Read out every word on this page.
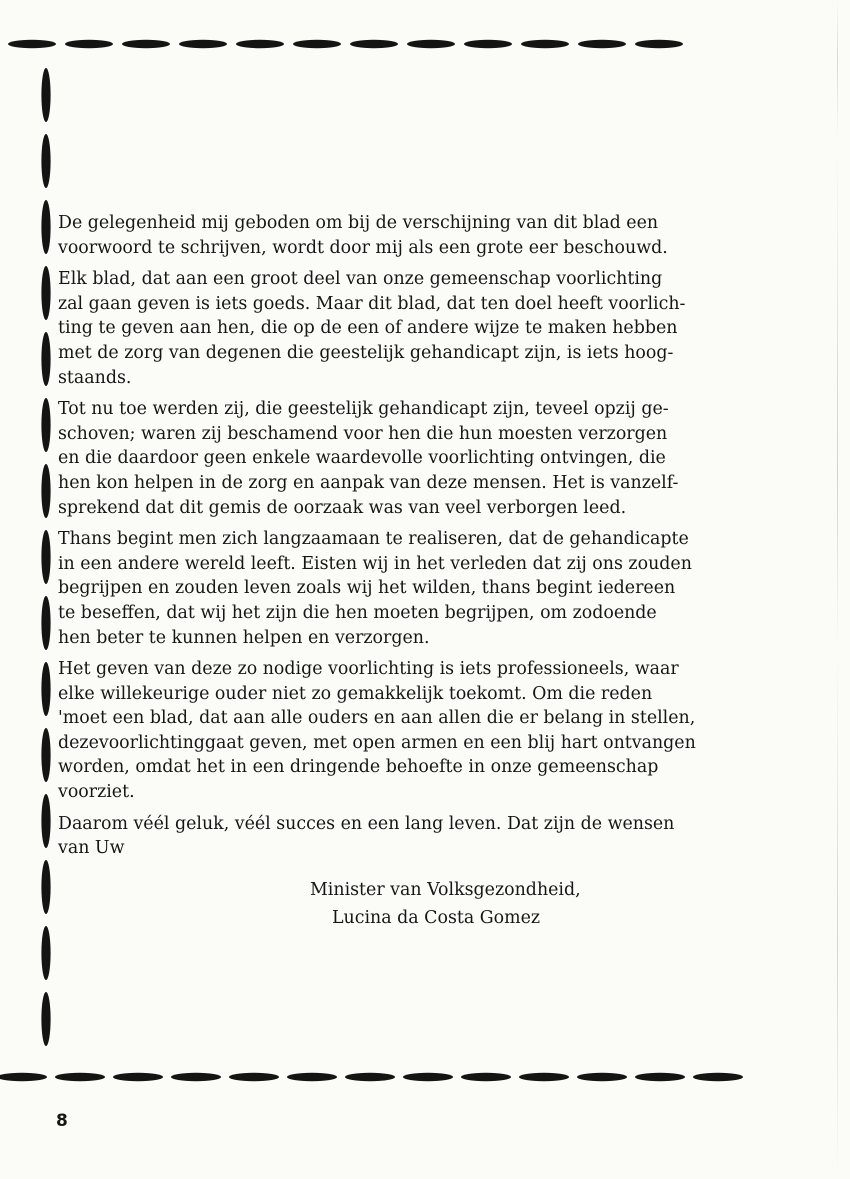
De gelegenheid mij geboden om bij de verschijning van dit blad een
voorwoord te schrijven, wordt door mij als een grote eer beschouwd.

Elk blad, dat aan een groot deel van onze gemeenschap voorlichting
zal gaan geven is iets goeds. Maar dit blad, dat ten doel heeft voorlich-
ting te geven aan hen, die op de een of andere wijze te maken hebben
met de zorg van degenen die geestelijk gehandicapt zijn, is iets hoog-
staands.

Tot nu toe werden zij, die geestelijk gehandicapt zijn, teveel opzij ge-
schoven; waren zij beschamend voor hen die hun moesten verzorgen
en die daardoor geen enkele waardevolle voorlichting ontvingen, die
hen kon helpen in de zorg en aanpak van deze mensen. Het is vanzelf-
sprekend dat dit gemis de oorzaak was van veel verborgen leed.

Thans begint men zich langzaamaan te realiseren, dat de gehandicapte
in een andere wereld leeft. Eisten wij in het verleden dat zij ons zouden
begrijpen en zouden leven zoals wij het wilden, thans begint iedereen
te beseffen, dat wij het zijn die hen moeten begrijpen, om zodoende
hen beter te kunnen helpen en verzorgen.

Het geven van deze zo nodige voorlichting is iets professioneels, waar
elke willekeurige ouder niet zo gemakkelijk toekomt. Om die reden
'moet een blad, dat aan alle ouders en aan allen die er belang in stellen,
dezevoorlichtinggaat geven, met open armen en een blij hart ontvangen
worden, omdat het in een dringende behoefte in onze gemeenschap
voorziet.

Daarom véél geluk, véél succes en een lang leven. Dat zijn de wensen
van Uw

Minister van Volksgezondheid,
Lucina da Costa Gomez
8
